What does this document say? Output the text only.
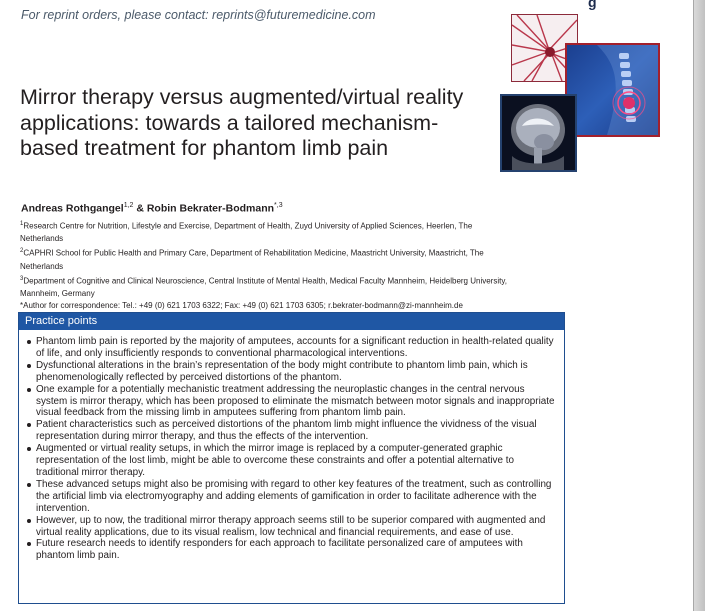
g
For reprint orders, please contact: reprints@futuremedicine.com
Mirror therapy versus augmented/virtual reality applications: towards a tailored mechanism-based treatment for phantom limb pain
Andreas Rothgangel$^{1,2}$ & Robin Bekrater-Bodmann$^{*,3}$

$^1$Research Centre for Nutrition, Lifestyle and Exercise, Department of Health, Zuyd University of Applied Sciences, Heerlen, The Netherlands

$^2$CAPHRI School for Public Health and Primary Care, Department of Rehabilitation Medicine, Maastricht University, Maastricht, The Netherlands

$^3$Department of Cognitive and Clinical Neuroscience, Central Institute of Mental Health, Medical Faculty Mannheim, Heidelberg University, Mannheim, Germany

*Author for correspondence: Tel.: +49 (0) 621 1703 6322; Fax: +49 (0) 621 1703 6305; r.bekrater-bodmann@zi-mannheim.de

Practice points
Phantom limb pain is reported by the majority of amputees, accounts for a significant reduction in health-related quality of life, and only insufficiently responds to conventional pharmacological interventions.
Dysfunctional alterations in the brain’s representation of the body might contribute to phantom limb pain, which is phenomenologically reflected by perceived distortions of the phantom.
One example for a potentially mechanistic treatment addressing the neuroplastic changes in the central nervous system is mirror therapy, which has been proposed to eliminate the mismatch between motor signals and inappropriate visual feedback from the missing limb in amputees suffering from phantom limb pain.
Patient characteristics such as perceived distortions of the phantom limb might influence the vividness of the visual representation during mirror therapy, and thus the effects of the intervention.
Augmented or virtual reality setups, in which the mirror image is replaced by a computer-generated graphic representation of the lost limb, might be able to overcome these constraints and offer a potential alternative to traditional mirror therapy.
These advanced setups might also be promising with regard to other key features of the treatment, such as controlling the artificial limb via electromyography and adding elements of gamification in order to facilitate adherence with the intervention.
However, up to now, the traditional mirror therapy approach seems still to be superior compared with augmented and virtual reality applications, due to its visual realism, low technical and financial requirements, and ease of use.
Future research needs to identify responders for each approach to facilitate personalized care of amputees with phantom limb pain.
